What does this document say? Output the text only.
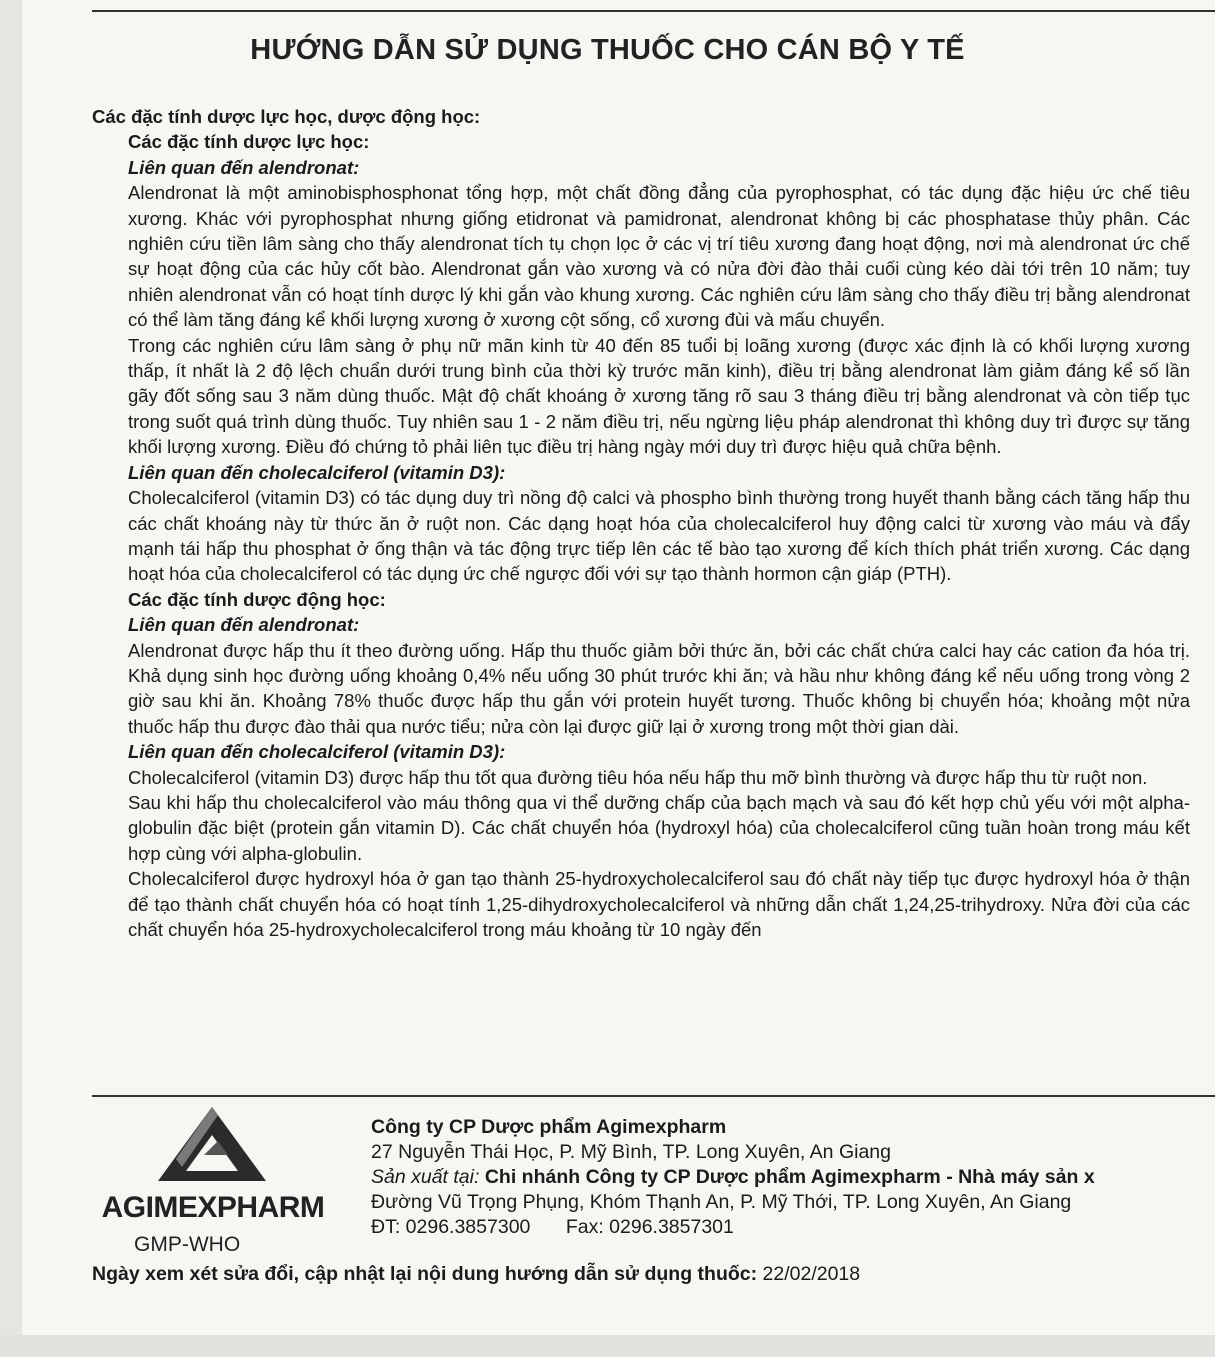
HƯỚNG DẪN SỬ DỤNG THUỐC CHO CÁN BỘ Y TẾ

Các đặc tính dược lực học, dược động học:

Các đặc tính dược lực học:

Liên quan đến alendronat:

Alendronat là một aminobisphosphonat tổng hợp, một chất đồng đẳng của pyrophosphat, có tác dụng đặc hiệu ức chế tiêu xương. Khác với pyrophosphat nhưng giống etidronat và pamidronat, alendronat không bị các phosphatase thủy phân. Các nghiên cứu tiền lâm sàng cho thấy alendronat tích tụ chọn lọc ở các vị trí tiêu xương đang hoạt động, nơi mà alendronat ức chế sự hoạt động của các hủy cốt bào. Alendronat gắn vào xương và có nửa đời đào thải cuối cùng kéo dài tới trên 10 năm; tuy nhiên alendronat vẫn có hoạt tính dược lý khi gắn vào khung xương. Các nghiên cứu lâm sàng cho thấy điều trị bằng alendronat có thể làm tăng đáng kể khối lượng xương ở xương cột sống, cổ xương đùi và mấu chuyển.

Trong các nghiên cứu lâm sàng ở phụ nữ mãn kinh từ 40 đến 85 tuổi bị loãng xương (được xác định là có khối lượng xương thấp, ít nhất là 2 độ lệch chuẩn dưới trung bình của thời kỳ trước mãn kinh), điều trị bằng alendronat làm giảm đáng kể số lần gãy đốt sống sau 3 năm dùng thuốc. Mật độ chất khoáng ở xương tăng rõ sau 3 tháng điều trị bằng alendronat và còn tiếp tục trong suốt quá trình dùng thuốc. Tuy nhiên sau 1 - 2 năm điều trị, nếu ngừng liệu pháp alendronat thì không duy trì được sự tăng khối lượng xương. Điều đó chứng tỏ phải liên tục điều trị hàng ngày mới duy trì được hiệu quả chữa bệnh.

Liên quan đến cholecalciferol (vitamin D3):

Cholecalciferol (vitamin D3) có tác dụng duy trì nồng độ calci và phospho bình thường trong huyết thanh bằng cách tăng hấp thu các chất khoáng này từ thức ăn ở ruột non. Các dạng hoạt hóa của cholecalciferol huy động calci từ xương vào máu và đẩy mạnh tái hấp thu phosphat ở ống thận và tác động trực tiếp lên các tế bào tạo xương để kích thích phát triển xương. Các dạng hoạt hóa của cholecalciferol có tác dụng ức chế ngược đối với sự tạo thành hormon cận giáp (PTH).

Các đặc tính dược động học:

Liên quan đến alendronat:

Alendronat được hấp thu ít theo đường uống. Hấp thu thuốc giảm bởi thức ăn, bởi các chất chứa calci hay các cation đa hóa trị. Khả dụng sinh học đường uống khoảng 0,4% nếu uống 30 phút trước khi ăn; và hầu như không đáng kể nếu uống trong vòng 2 giờ sau khi ăn. Khoảng 78% thuốc được hấp thu gắn với protein huyết tương. Thuốc không bị chuyển hóa; khoảng một nửa thuốc hấp thu được đào thải qua nước tiểu; nửa còn lại được giữ lại ở xương trong một thời gian dài.

Liên quan đến cholecalciferol (vitamin D3):

Cholecalciferol (vitamin D3) được hấp thu tốt qua đường tiêu hóa nếu hấp thu mỡ bình thường và được hấp thu từ ruột non.

Sau khi hấp thu cholecalciferol vào máu thông qua vi thể dưỡng chấp của bạch mạch và sau đó kết hợp chủ yếu với một alpha-globulin đặc biệt (protein gắn vitamin D). Các chất chuyển hóa (hydroxyl hóa) của cholecalciferol cũng tuần hoàn trong máu kết hợp cùng với alpha-globulin.

Cholecalciferol được hydroxyl hóa ở gan tạo thành 25-hydroxycholecalciferol sau đó chất này tiếp tục được hydroxyl hóa ở thận để tạo thành chất chuyển hóa có hoạt tính 1,25-dihydroxycholecalciferol và những dẫn chất 1,24,25-trihydroxy. Nửa đời của các chất chuyển hóa 25-hydroxycholecalciferol trong máu khoảng từ 10 ngày đến

AGIMEXPHARM
GMP-WHO
Công ty CP Dược phẩm Agimexpharm
27 Nguyễn Thái Học, P. Mỹ Bình, TP. Long Xuyên, An Giang
Sản xuất tại: Chi nhánh Công ty CP Dược phẩm Agimexpharm - Nhà máy sản x
Đường Vũ Trọng Phụng, Khóm Thạnh An, P. Mỹ Thới, TP. Long Xuyên, An Giang
ĐT: 0296.3857300 Fax: 0296.3857301
Ngày xem xét sửa đổi, cập nhật lại nội dung hướng dẫn sử dụng thuốc: 22/02/2018
